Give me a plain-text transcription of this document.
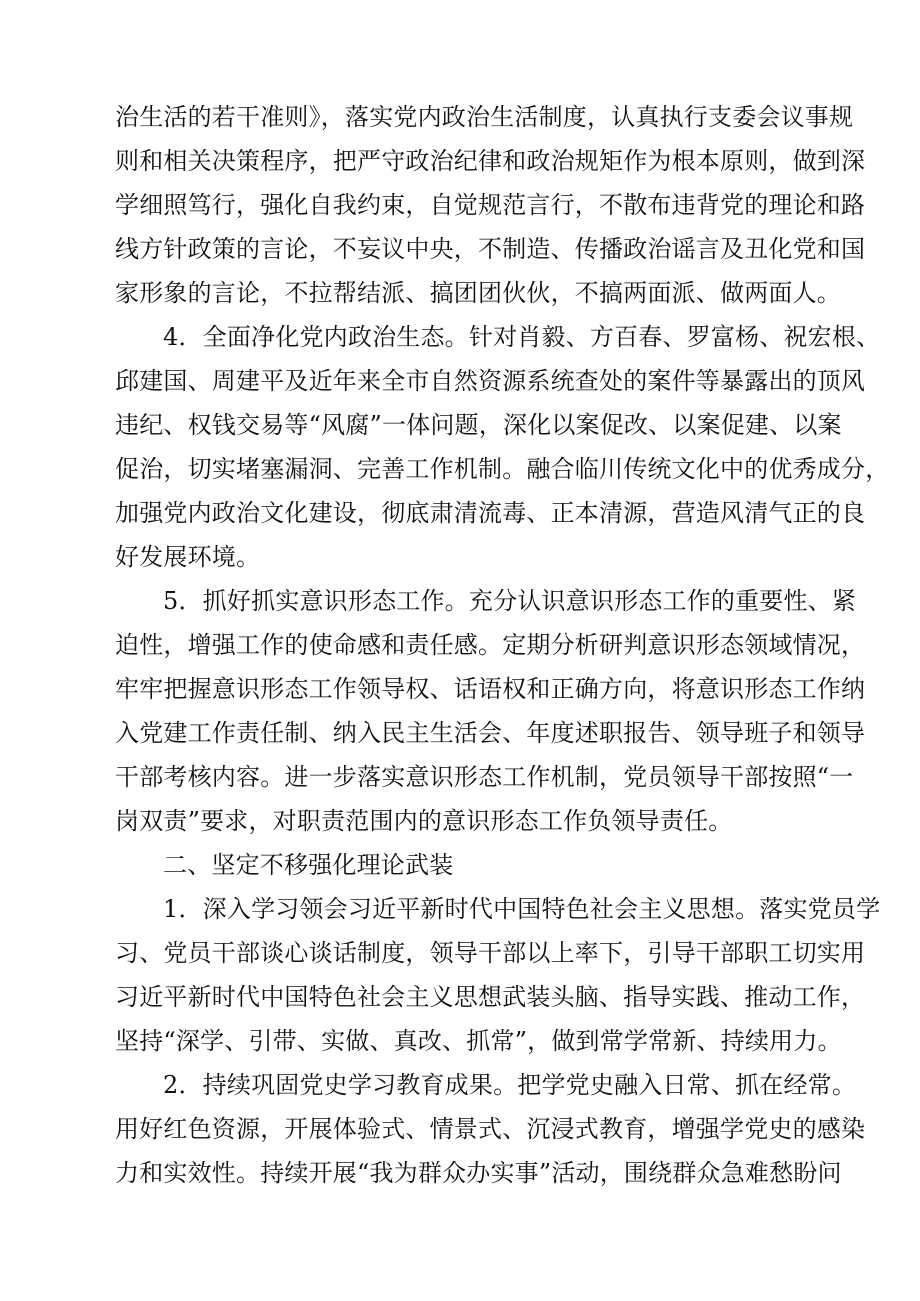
治生活的若干准则》，落实党内政治生活制度，认真执行支委会议事规
则和相关决策程序，把严守政治纪律和政治规矩作为根本原则，做到深
学细照笃行，强化自我约束，自觉规范言行，不散布违背党的理论和路
线方针政策的言论，不妄议中央，不制造、传播政治谣言及丑化党和国
家形象的言论，不拉帮结派、搞团团伙伙，不搞两面派、做两面人。
4．全面净化党内政治生态。针对肖毅、方百春、罗富杨、祝宏根、
邱建国、周建平及近年来全市自然资源系统查处的案件等暴露出的顶风
违纪、权钱交易等“风腐”一体问题，深化以案促改、以案促建、以案
促治，切实堵塞漏洞、完善工作机制。融合临川传统文化中的优秀成分，
加强党内政治文化建设，彻底肃清流毒、正本清源，营造风清气正的良
好发展环境。
5．抓好抓实意识形态工作。充分认识意识形态工作的重要性、紧
迫性，增强工作的使命感和责任感。定期分析研判意识形态领域情况，
牢牢把握意识形态工作领导权、话语权和正确方向，将意识形态工作纳
入党建工作责任制、纳入民主生活会、年度述职报告、领导班子和领导
干部考核内容。进一步落实意识形态工作机制，党员领导干部按照“一
岗双责”要求，对职责范围内的意识形态工作负领导责任。
二、坚定不移强化理论武装
1．深入学习领会习近平新时代中国特色社会主义思想。落实党员学
习、党员干部谈心谈话制度，领导干部以上率下，引导干部职工切实用
习近平新时代中国特色社会主义思想武装头脑、指导实践、推动工作，
坚持“深学、引带、实做、真改、抓常”，做到常学常新、持续用力。
2．持续巩固党史学习教育成果。把学党史融入日常、抓在经常。
用好红色资源，开展体验式、情景式、沉浸式教育，增强学党史的感染
力和实效性。持续开展“我为群众办实事”活动，围绕群众急难愁盼问
